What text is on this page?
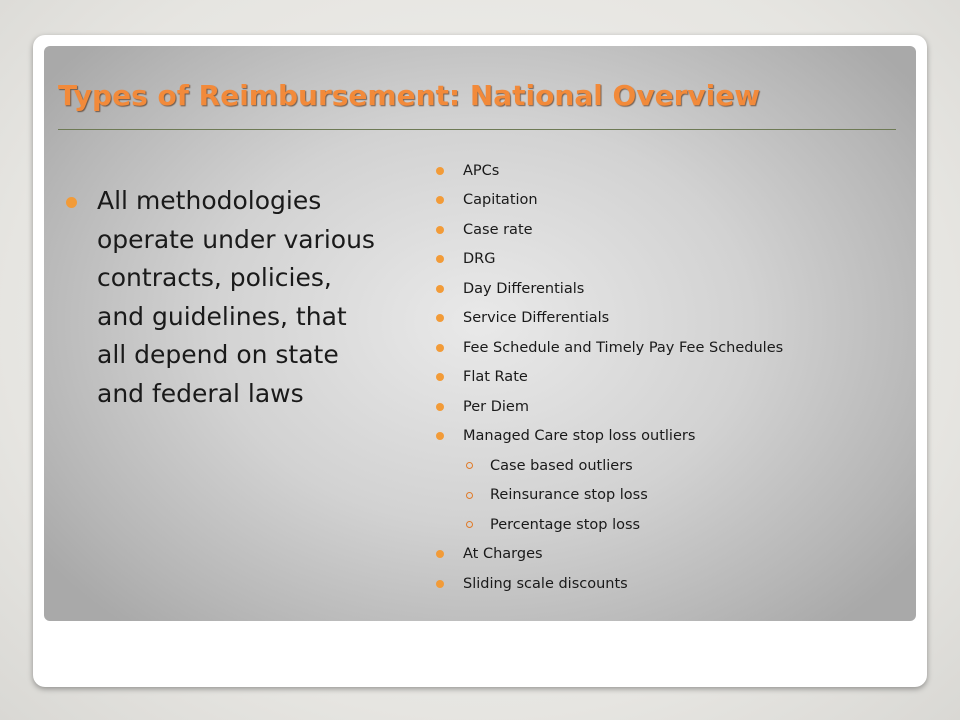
Types of Reimbursement: National Overview
All methodologies operate under various contracts, policies, and guidelines, that all depend on state and federal laws
APCs
Capitation
Case rate
DRG
Day Differentials
Service Differentials
Fee Schedule and Timely Pay Fee Schedules
Flat Rate
Per Diem
Managed Care stop loss outliers
Case based outliers
Reinsurance stop loss
Percentage stop loss
At Charges
Sliding scale discounts
